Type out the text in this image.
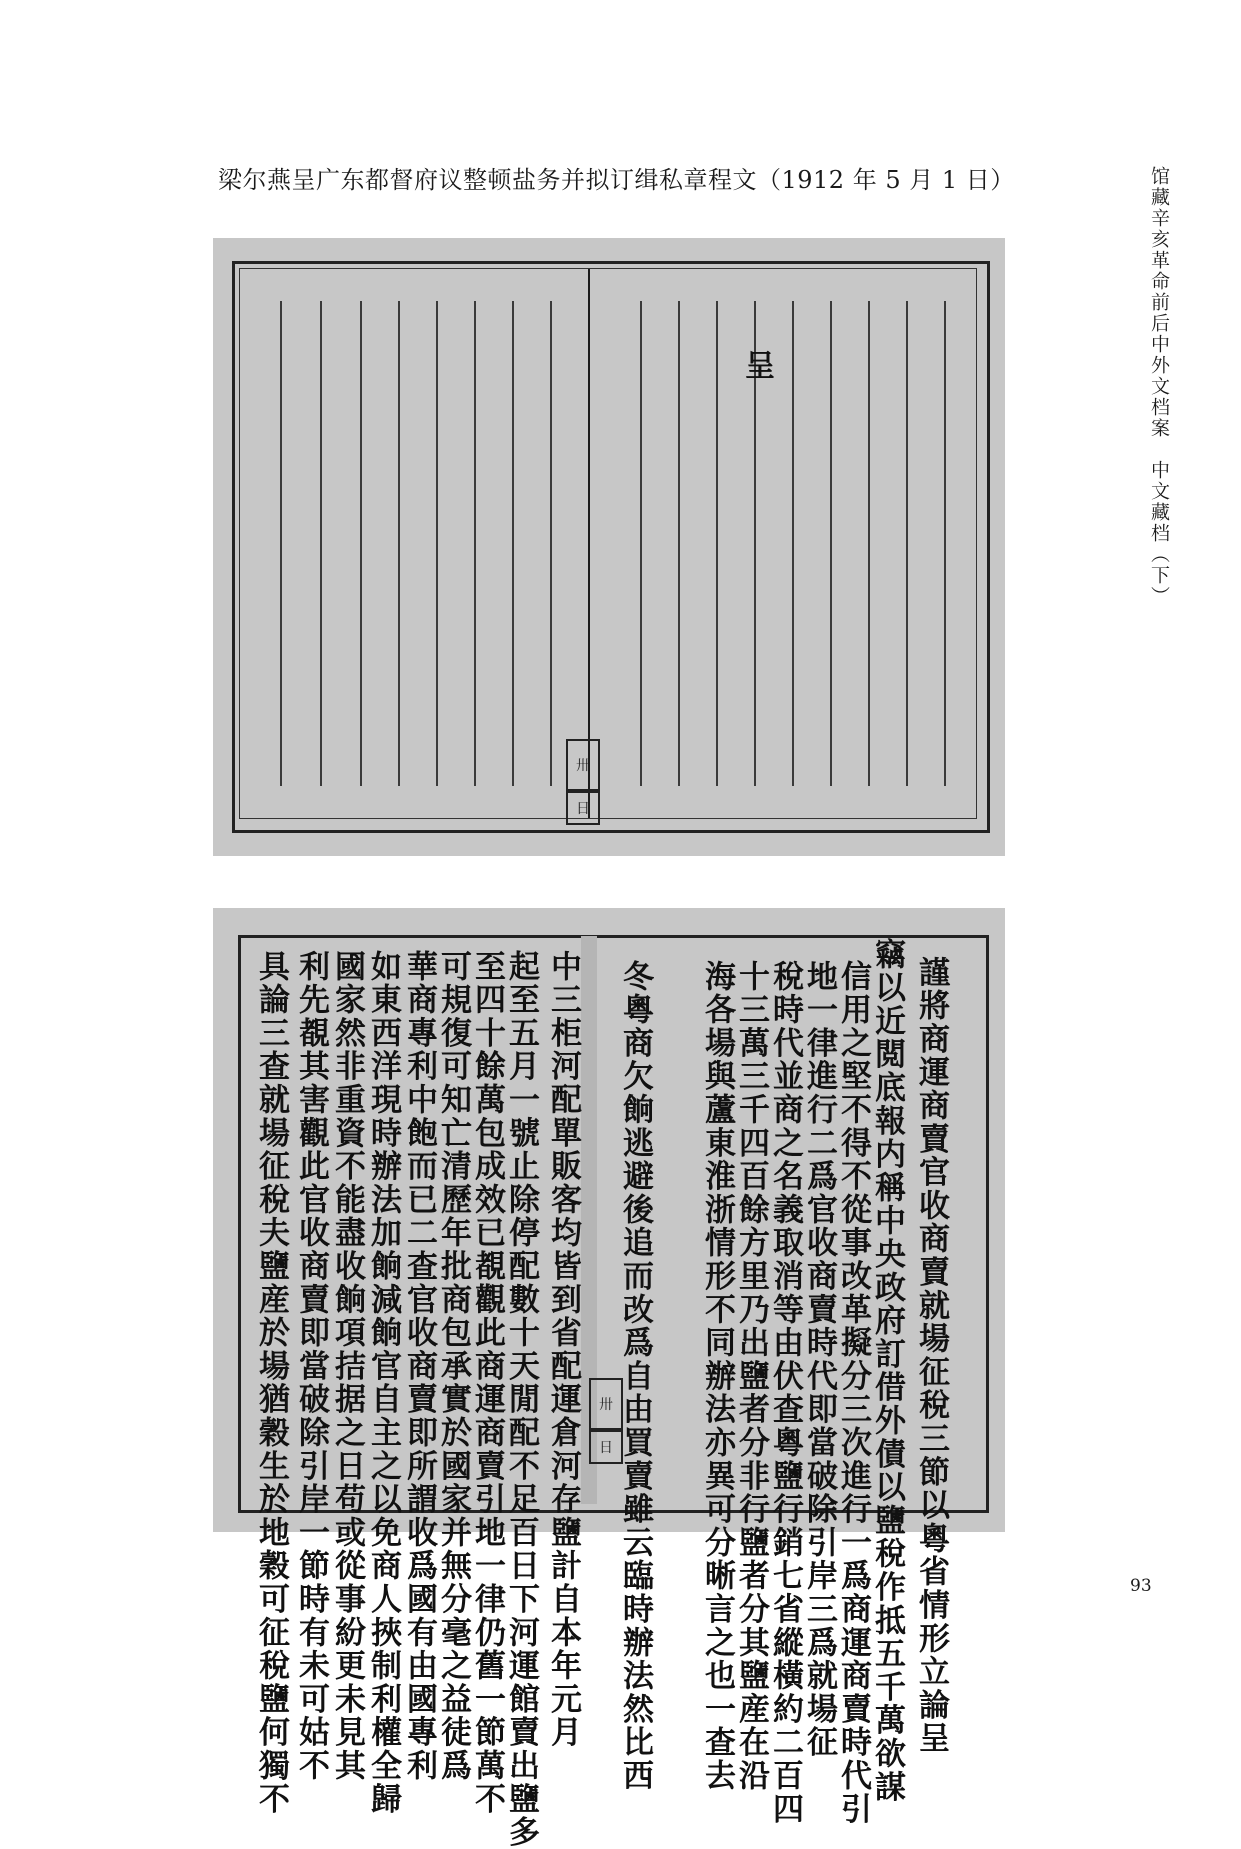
梁尔燕呈广东都督府议整顿盐务并拟订缉私章程文（1912 年 5 月 1 日）	馆藏辛亥革命前后中外文档案　中文藏档（下）
93
呈
卅
日
謹將商運商賣官收商賣就場征稅三節以粵省情形立論呈
竊以近閲底報内稱中央政府訂借外債以鹽稅作抵五千萬欲謀
信用之堅不得不從事改革擬分三次進行一爲商運商賣時代引
地一律進行二爲官收商賣時代即當破除引岸三爲就場征
稅時代並商之名義取消等由伏查粵鹽行銷七省縱橫約二百四
十三萬三千四百餘方里乃出鹽者分非行鹽者分其鹽産在沿
海各場與蘆東淮浙情形不同辦法亦異可分晰言之也一查去
冬粵商欠餉逃避後追而改爲自由買賣雖云臨時辦法然比西
中三柜河配單販客均皆到省配運倉河存鹽計自本年元月
起至五月一號止除停配數十天閒配不足百日下河運館賣出鹽多
至四十餘萬包成效已覩觀此商運商賣引地一律仍舊一節萬不
可規復可知亡清歷年批商包承實於國家并無分毫之益徒爲
華商專利中飽而已二查官收商賣即所謂收爲國有由國專利
如東西洋現時辦法加餉減餉官自主之以免商人挾制利權全歸
國家然非重資不能盡收餉項拮据之日苟或從事紛更未見其
利先覩其害觀此官收商賣即當破除引岸一節時有未可姑不
具論三查就場征稅夫鹽産於場猶穀生於地穀可征稅鹽何獨不	卅
日
